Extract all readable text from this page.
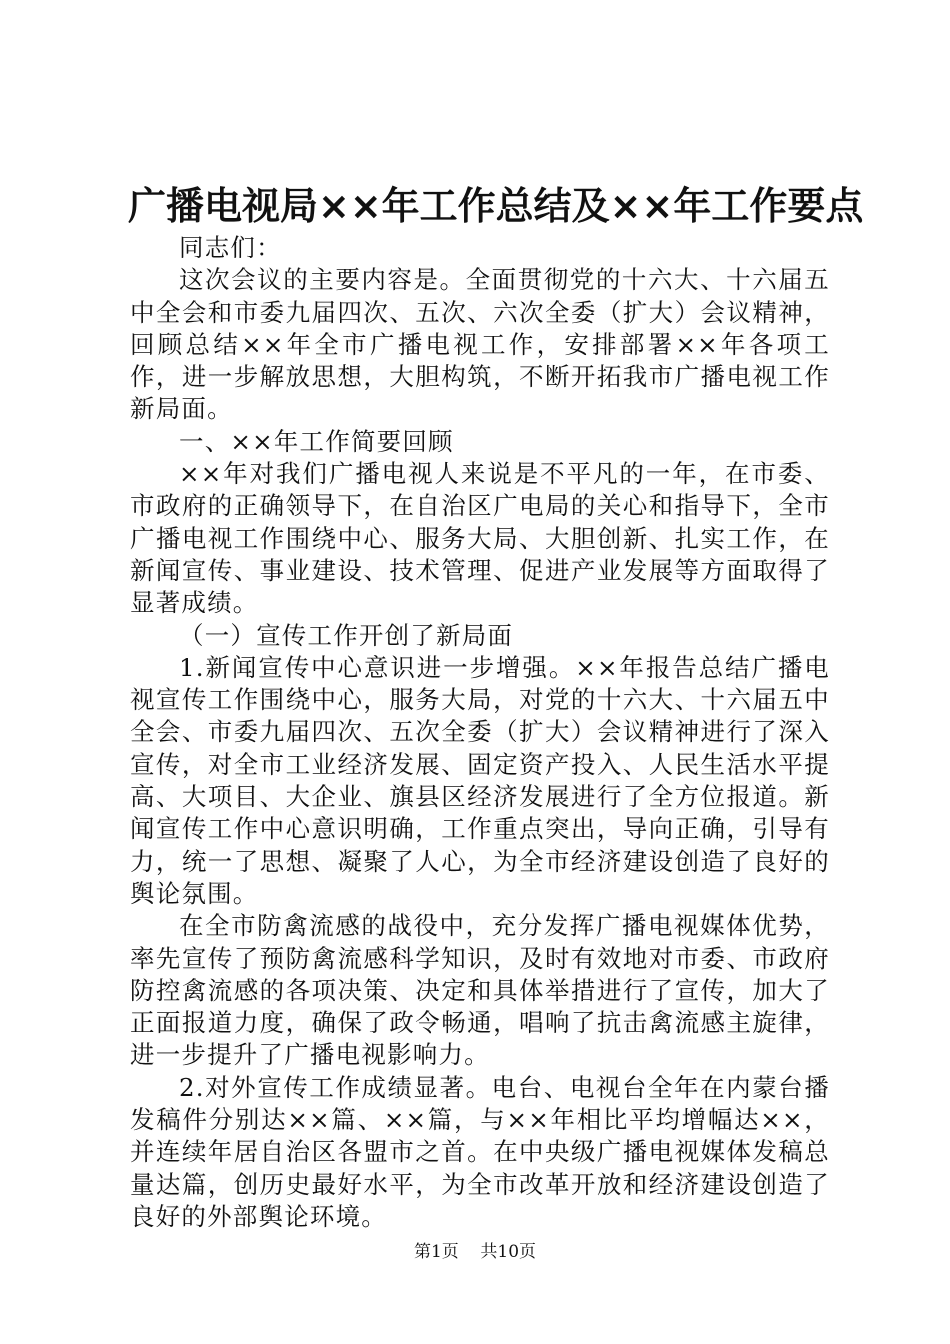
广播电视局××年工作总结及××年工作要点

同志们：

这次会议的主要内容是。全面贯彻党的十六大、十六届五中全会和市委九届四次、五次、六次全委（扩大）会议精神，回顾总结××年全市广播电视工作，安排部署××年各项工作，进一步解放思想，大胆构筑，不断开拓我市广播电视工作新局面。

一、××年工作简要回顾

××年对我们广播电视人来说是不平凡的一年，在市委、市政府的正确领导下，在自治区广电局的关心和指导下，全市广播电视工作围绕中心、服务大局、大胆创新、扎实工作，在新闻宣传、事业建设、技术管理、促进产业发展等方面取得了显著成绩。

（一）宣传工作开创了新局面

1.新闻宣传中心意识进一步增强。××年报告总结广播电视宣传工作围绕中心，服务大局，对党的十六大、十六届五中全会、市委九届四次、五次全委（扩大）会议精神进行了深入宣传，对全市工业经济发展、固定资产投入、人民生活水平提高、大项目、大企业、旗县区经济发展进行了全方位报道。新闻宣传工作中心意识明确，工作重点突出，导向正确，引导有力，统一了思想、凝聚了人心，为全市经济建设创造了良好的舆论氛围。

在全市防禽流感的战役中，充分发挥广播电视媒体优势，率先宣传了预防禽流感科学知识，及时有效地对市委、市政府防控禽流感的各项决策、决定和具体举措进行了宣传，加大了正面报道力度，确保了政令畅通，唱响了抗击禽流感主旋律，进一步提升了广播电视影响力。

2.对外宣传工作成绩显著。电台、电视台全年在内蒙台播发稿件分别达××篇、××篇，与××年相比平均增幅达××，并连续年居自治区各盟市之首。在中央级广播电视媒体发稿总量达篇，创历史最好水平，为全市改革开放和经济建设创造了良好的外部舆论环境。

第1页 共10页
